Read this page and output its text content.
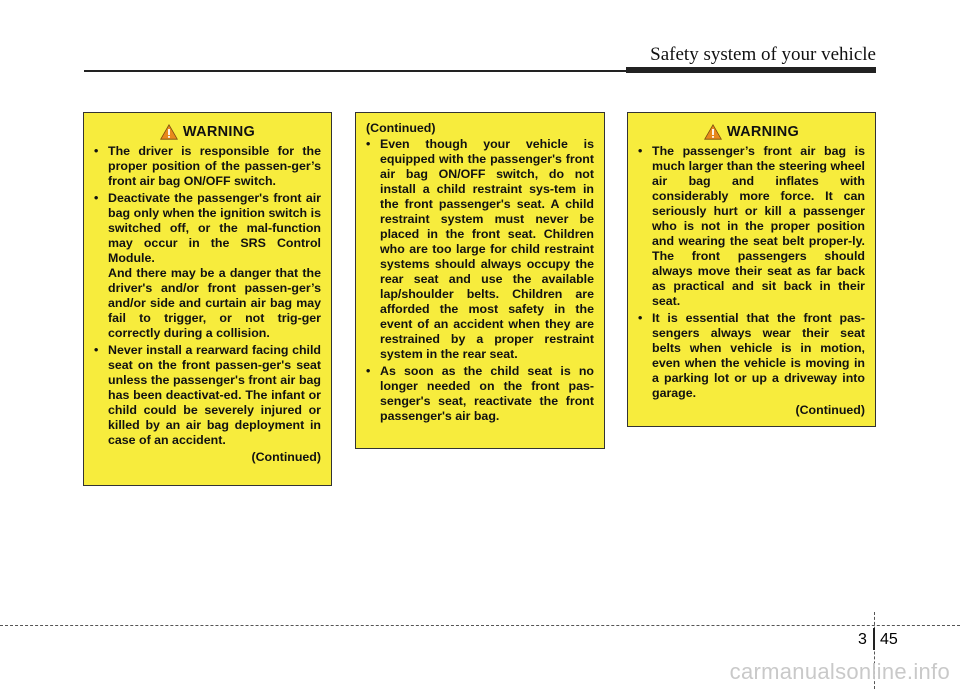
Safety system of your vehicle
WARNING

• The driver is responsible for the proper position of the passen-ger’s front air bag ON/OFF switch.

• Deactivate the passenger's front air bag only when the ignition switch is switched off, or the mal-function may occur in the SRS Control Module.

And there may be a danger that the driver's and/or front passen-ger’s and/or side and curtain air bag may fail to trigger, or not trig-ger correctly during a collision.

• Never install a rearward facing child seat on the front passen-ger's seat unless the passenger's front air bag has been deactivat-ed. The infant or child could be severely injured or killed by an air bag deployment in case of an accident.

(Continued)
(Continued)

• Even though your vehicle is equipped with the passenger's front air bag ON/OFF switch, do not install a child restraint sys-tem in the front passenger's seat. A child restraint system must never be placed in the front seat. Children who are too large for child restraint systems should always occupy the rear seat and use the available lap/shoulder belts. Children are afforded the most safety in the event of an accident when they are restrained by a proper restraint system in the rear seat.

• As soon as the child seat is no longer needed on the front pas-senger's seat, reactivate the front passenger's air bag.

WARNING

• The passenger’s front air bag is much larger than the steering wheel air bag and inflates with considerably more force. It can seriously hurt or kill a passenger who is not in the proper position and wearing the seat belt proper-ly. The front passengers should always move their seat as far back as practical and sit back in their seat.

• It is essential that the front pas-sengers always wear their seat belts when vehicle is in motion, even when the vehicle is moving in a parking lot or up a driveway into garage.

(Continued)
3 45
carmanualsonline.info
